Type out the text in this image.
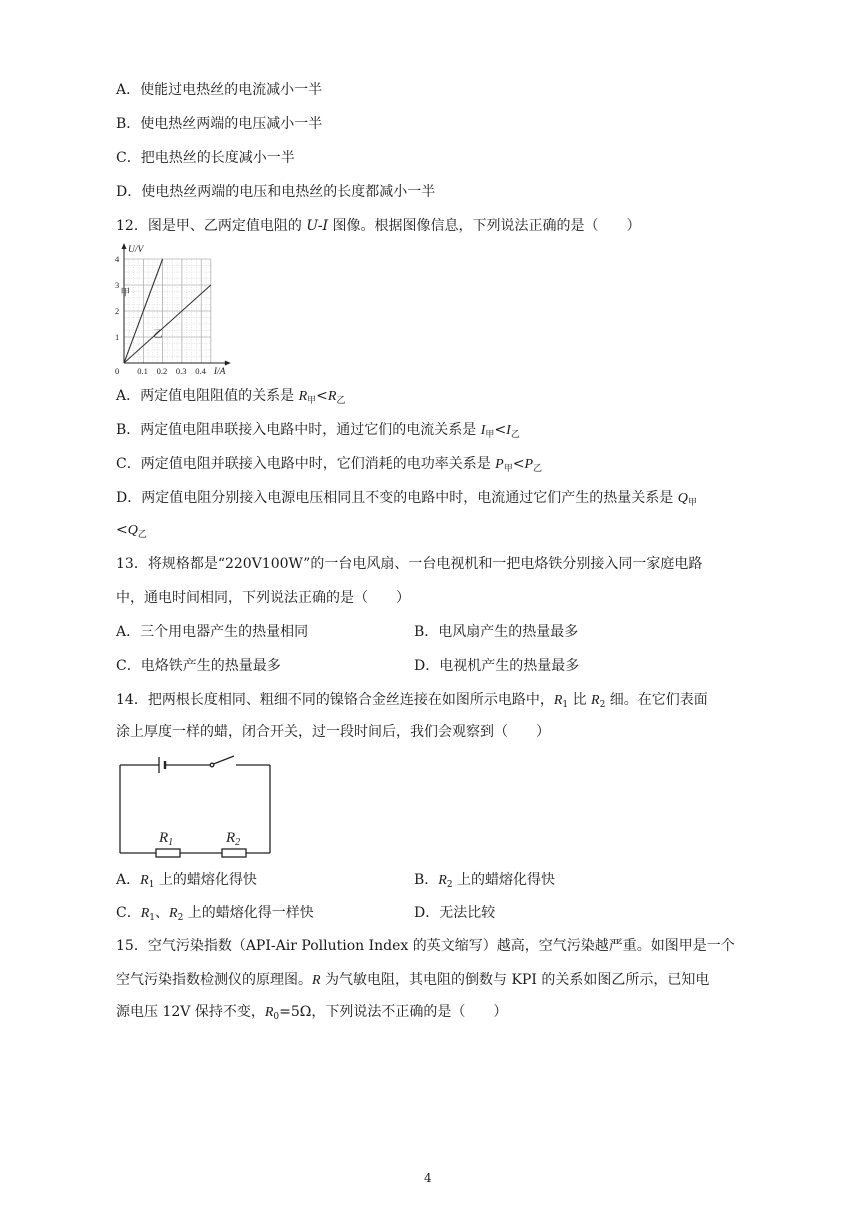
A．使能过电热丝的电流减小一半
B．使电热丝两端的电压减小一半
C．把电热丝的长度减小一半
D．使电热丝两端的电压和电热丝的长度都减小一半
12．图是甲、乙两定值电阻的 U-I 图像。根据图像信息，下列说法正确的是（　　）
0 0.1 0.2 0.3 0.4
1
2
3
4
I/A
U/V
甲
乙
A．两定值电阻阻值的关系是 $R_甲<R_乙$
B．两定值电阻串联接入电路中时，通过它们的电流关系是 $I_甲<I_乙$
C．两定值电阻并联接入电路中时，它们消耗的电功率关系是 $P_甲<P_乙$
D．两定值电阻分别接入电源电压相同且不变的电路中时，电流通过它们产生的热量关系是 $Q_甲$
$<Q_乙$
13．将规格都是“220V100W”的一台电风扇、一台电视机和一把电烙铁分别接入同一家庭电路
中，通电时间相同，下列说法正确的是（　　）
A．三个用电器产生的热量相同	B．电风扇产生的热量最多
C．电烙铁产生的热量最多	D．电视机产生的热量最多
14．把两根长度相同、粗细不同的镍铬合金丝连接在如图所示电路中，$R_1$ 比 $R_2$ 细。在它们表面
涂上厚度一样的蜡，闭合开关，过一段时间后，我们会观察到（　　）
$R_1$	$R_2$
A．$R_1$ 上的蜡熔化得快	B．$R_2$ 上的蜡熔化得快
C．$R_1$、$R_2$ 上的蜡熔化得一样快	D．无法比较
15．空气污染指数（API-Air Pollution Index 的英文缩写）越高，空气污染越严重。如图甲是一个
空气污染指数检测仪的原理图。R 为气敏电阻，其电阻的倒数与 KPI 的关系如图乙所示，已知电
源电压 12V 保持不变，$R_0=5\Omega$，下列说法不正确的是（　　）
4
